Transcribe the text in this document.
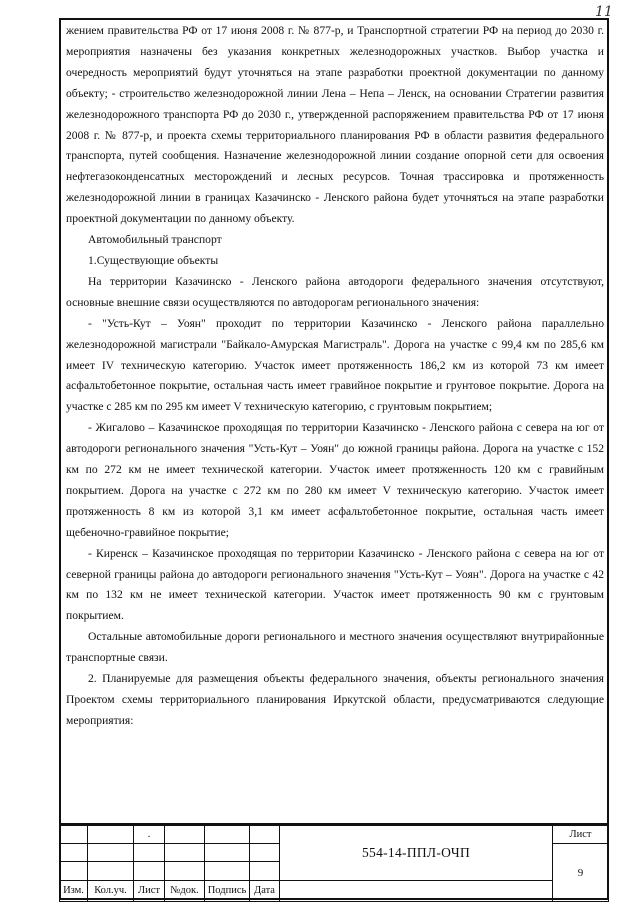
11

жением правительства РФ от 17 июня 2008 г. № 877-р, и Транспортной стратегии РФ на период до 2030 г. мероприятия назначены без указания конкретных железнодорожных участков. Выбор участка и очередность мероприятий будут уточняться на этапе разработки проектной документации по данному объекту; - строительство железнодорожной линии Лена – Непа – Ленск, на основании Стратегии развития железнодорожного транспорта РФ до 2030 г., утвержденной распоряжением правительства РФ от 17 июня 2008 г. № 877-р, и проекта схемы территориального планирования РФ в области развития федерального транспорта, путей сообщения. Назначение железнодорожной линии создание опорной сети для освоения нефтегазоконденсатных месторождений и лесных ресурсов. Точная трассировка и протяженность железнодорожной линии в границах Казачинско - Ленского района будет уточняться на этапе разработки проектной документации по данному объекту.

Автомобильный транспорт

1.Существующие объекты

На территории Казачинско - Ленского района автодороги федерального значения отсутствуют, основные внешние связи осуществляются по автодорогам регионального значения:

- "Усть-Кут – Уоян" проходит по территории Казачинско - Ленского района параллельно железнодорожной магистрали "Байкало-Амурская Магистраль". Дорога на участке с 99,4 км по 285,6 км имеет IV техническую категорию. Участок имеет протяженность 186,2 км из которой 73 км имеет асфальтобетонное покрытие, остальная часть имеет гравийное покрытие и грунтовое покрытие. Дорога на участке с 285 км по 295 км имеет V техническую категорию, с грунтовым покрытием;

- Жигалово – Казачинское проходящая по территории Казачинско - Ленского района с севера на юг от автодороги регионального значения "Усть-Кут – Уоян" до южной границы района. Дорога на участке с 152 км по 272 км не имеет технической категории. Участок имеет протяженность 120 км с гравийным покрытием. Дорога на участке с 272 км по 280 км имеет V техническую категорию. Участок имеет протяженность 8 км из которой 3,1 км имеет асфальтобетонное покрытие, остальная часть имеет щебеночно-гравийное покрытие;

- Киренск – Казачинское проходящая по территории Казачинско - Ленского района с севера на юг от северной границы района до автодороги регионального значения "Усть-Кут – Уоян". Дорога на участке с 42 км по 132 км не имеет технической категории. Участок имеет протяженность 90 км с грунтовым покрытием.

Остальные автомобильные дороги регионального и местного значения осуществляют внутрирайонные транспортные связи.

2. Планируемые для размещения объекты федерального значения, объекты регионального значения Проектом схемы территориального планирования Иркутской области, предусматриваются следующие мероприятия:

		.				554-14-ППЛ-ОЧП	Лист
							9

Изм.	Кол.уч.	Лист	№док.	Подпись	Дата		
